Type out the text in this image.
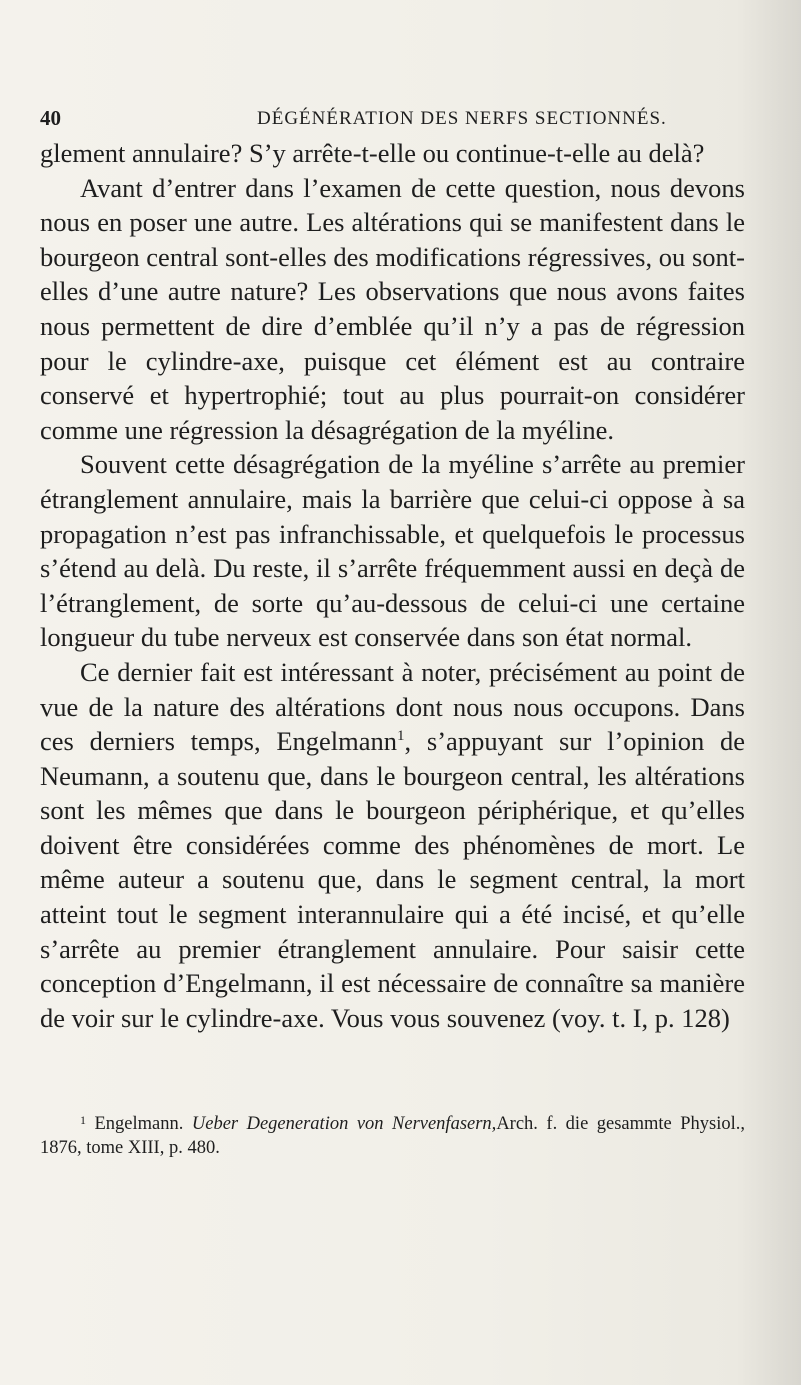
40	DÉGÉNÉRATION DES NERFS SECTIONNÉS.

glement annulaire? S’y arrête-t-elle ou continue-t-elle au delà?

Avant d’entrer dans l’examen de cette question, nous devons nous en poser une autre. Les altérations qui se manifestent dans le bourgeon central sont-elles des modifications régressives, ou sont-elles d’une autre nature? Les observations que nous avons faites nous permettent de dire d’emblée qu’il n’y a pas de régression pour le cylindre-axe, puisque cet élément est au contraire conservé et hypertrophié; tout au plus pourrait-on considérer comme une régression la désagrégation de la myéline.

Souvent cette désagrégation de la myéline s’arrête au premier étranglement annulaire, mais la barrière que celui-ci oppose à sa propagation n’est pas infranchissable, et quelquefois le processus s’étend au delà. Du reste, il s’arrête fréquemment aussi en deçà de l’étranglement, de sorte qu’au-dessous de celui-ci une certaine longueur du tube nerveux est conservée dans son état normal.

Ce dernier fait est intéressant à noter, précisément au point de vue de la nature des altérations dont nous nous occupons. Dans ces derniers temps, Engelmann$^1$, s’appuyant sur l’opinion de Neumann, a soutenu que, dans le bourgeon central, les altérations sont les mêmes que dans le bourgeon périphérique, et qu’elles doivent être considérées comme des phénomènes de mort. Le même auteur a soutenu que, dans le segment central, la mort atteint tout le segment interannulaire qui a été incisé, et qu’elle s’arrête au premier étranglement annulaire. Pour saisir cette conception d’Engelmann, il est nécessaire de connaître sa manière de voir sur le cylindre-axe. Vous vous souvenez (voy. t. I, p. 128)

$^1$ Engelmann. Ueber Degeneration von Nervenfasern,Arch. f. die gesammte Physiol., 1876, tome XIII, p. 480.
